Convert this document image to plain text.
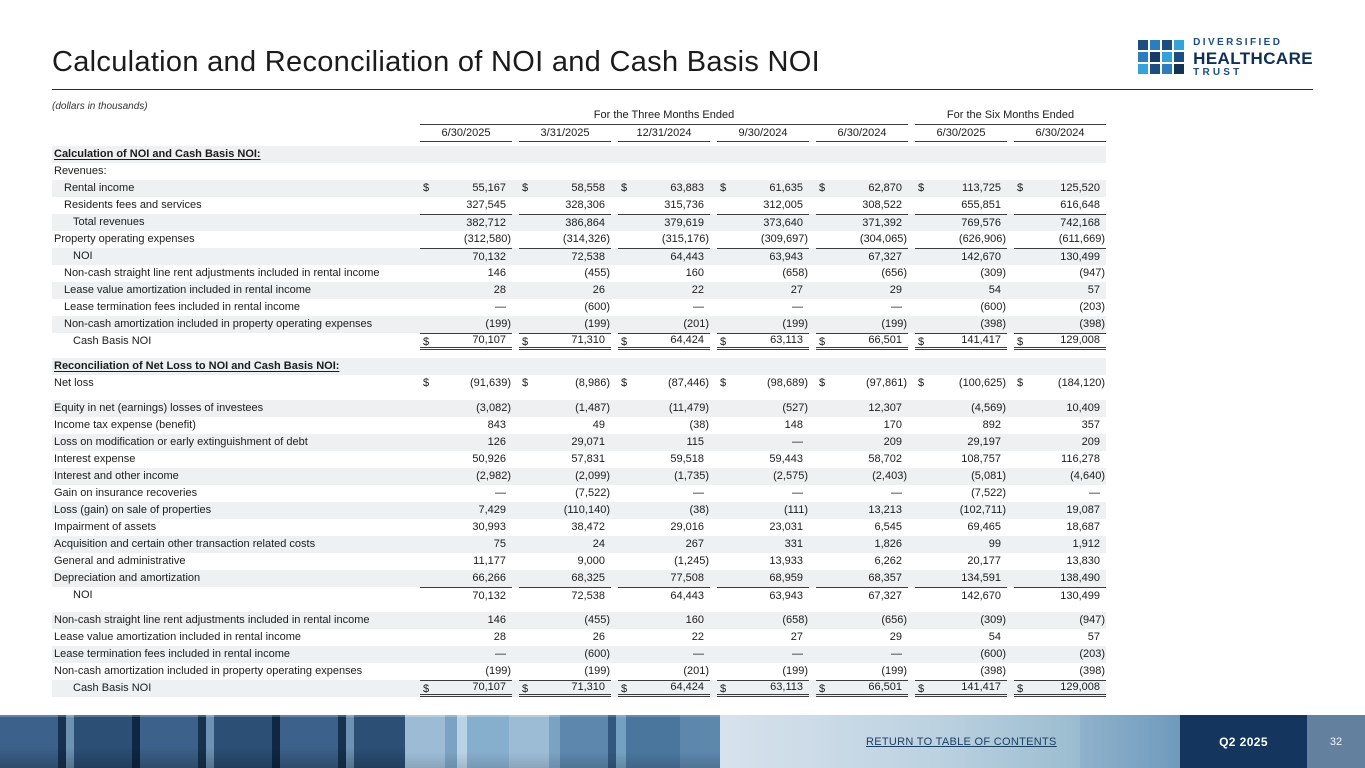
Calculation and Reconciliation of NOI and Cash Basis NOI
(dollars in thousands)
DIVERSIFIED
HEALTHCARE
TRUST
For the Three Months Ended	For the Six Months Ended
6/30/2025	3/31/2025	12/31/2024	9/30/2024	6/30/2024	6/30/2025	6/30/2024
Calculation of NOI and Cash Basis NOI:
Revenues:
Rental income	$	55,167	$	58,558	$	63,883	$	61,635	$	62,870	$	113,725	$	125,520
Residents fees and services	327,545	328,306	315,736	312,005	308,522	655,851	616,648
Total revenues	382,712	386,864	379,619	373,640	371,392	769,576	742,168
Property operating expenses	(312,580)	(314,326)	(315,176)	(309,697)	(304,065)	(626,906)	(611,669)
NOI	70,132	72,538	64,443	63,943	67,327	142,670	130,499
Non-cash straight line rent adjustments included in rental income	146	(455)	160	(658)	(656)	(309)	(947)
Lease value amortization included in rental income	28	26	22	27	29	54	57
Lease termination fees included in rental income	—	(600)	—	—	—	(600)	(203)
Non-cash amortization included in property operating expenses	(199)	(199)	(201)	(199)	(199)	(398)	(398)
Cash Basis NOI	$	70,107	$	71,310	$	64,424	$	63,113	$	66,501	$	141,417	$	129,008
Reconciliation of Net Loss to NOI and Cash Basis NOI:
Net loss	$	(91,639) $	(8,986) $	(87,446) $	(98,689) $	(97,861) $	(100,625) $	(184,120)
Equity in net (earnings) losses of investees	(3,082)	(1,487)	(11,479)	(527)	12,307	(4,569)	10,409
Income tax expense (benefit)	843	49	(38)	148	170	892	357
Loss on modification or early extinguishment of debt	126	29,071	115	—	209	29,197	209
Interest expense	50,926	57,831	59,518	59,443	58,702	108,757	116,278
Interest and other income	(2,982)	(2,099)	(1,735)	(2,575)	(2,403)	(5,081)	(4,640)
Gain on insurance recoveries	—	(7,522)	—	—	—	(7,522)	—
Loss (gain) on sale of properties	7,429	(110,140)	(38)	(111)	13,213	(102,711)	19,087
Impairment of assets	30,993	38,472	29,016	23,031	6,545	69,465	18,687
Acquisition and certain other transaction related costs	75	24	267	331	1,826	99	1,912
General and administrative	11,177	9,000	(1,245)	13,933	6,262	20,177	13,830
Depreciation and amortization	66,266	68,325	77,508	68,959	68,357	134,591	138,490
NOI	70,132	72,538	64,443	63,943	67,327	142,670	130,499
Non-cash straight line rent adjustments included in rental income	146	(455)	160	(658)	(656)	(309)	(947)
Lease value amortization included in rental income	28	26	22	27	29	54	57
Lease termination fees included in rental income	—	(600)	—	—	—	(600)	(203)
Non-cash amortization included in property operating expenses	(199)	(199)	(201)	(199)	(199)	(398)	(398)
Cash Basis NOI	$	70,107	$	71,310	$	64,424	$	63,113	$	66,501	$	141,417	$	129,008
Q2 2025	32
RETURN TO TABLE OF CONTENTS
